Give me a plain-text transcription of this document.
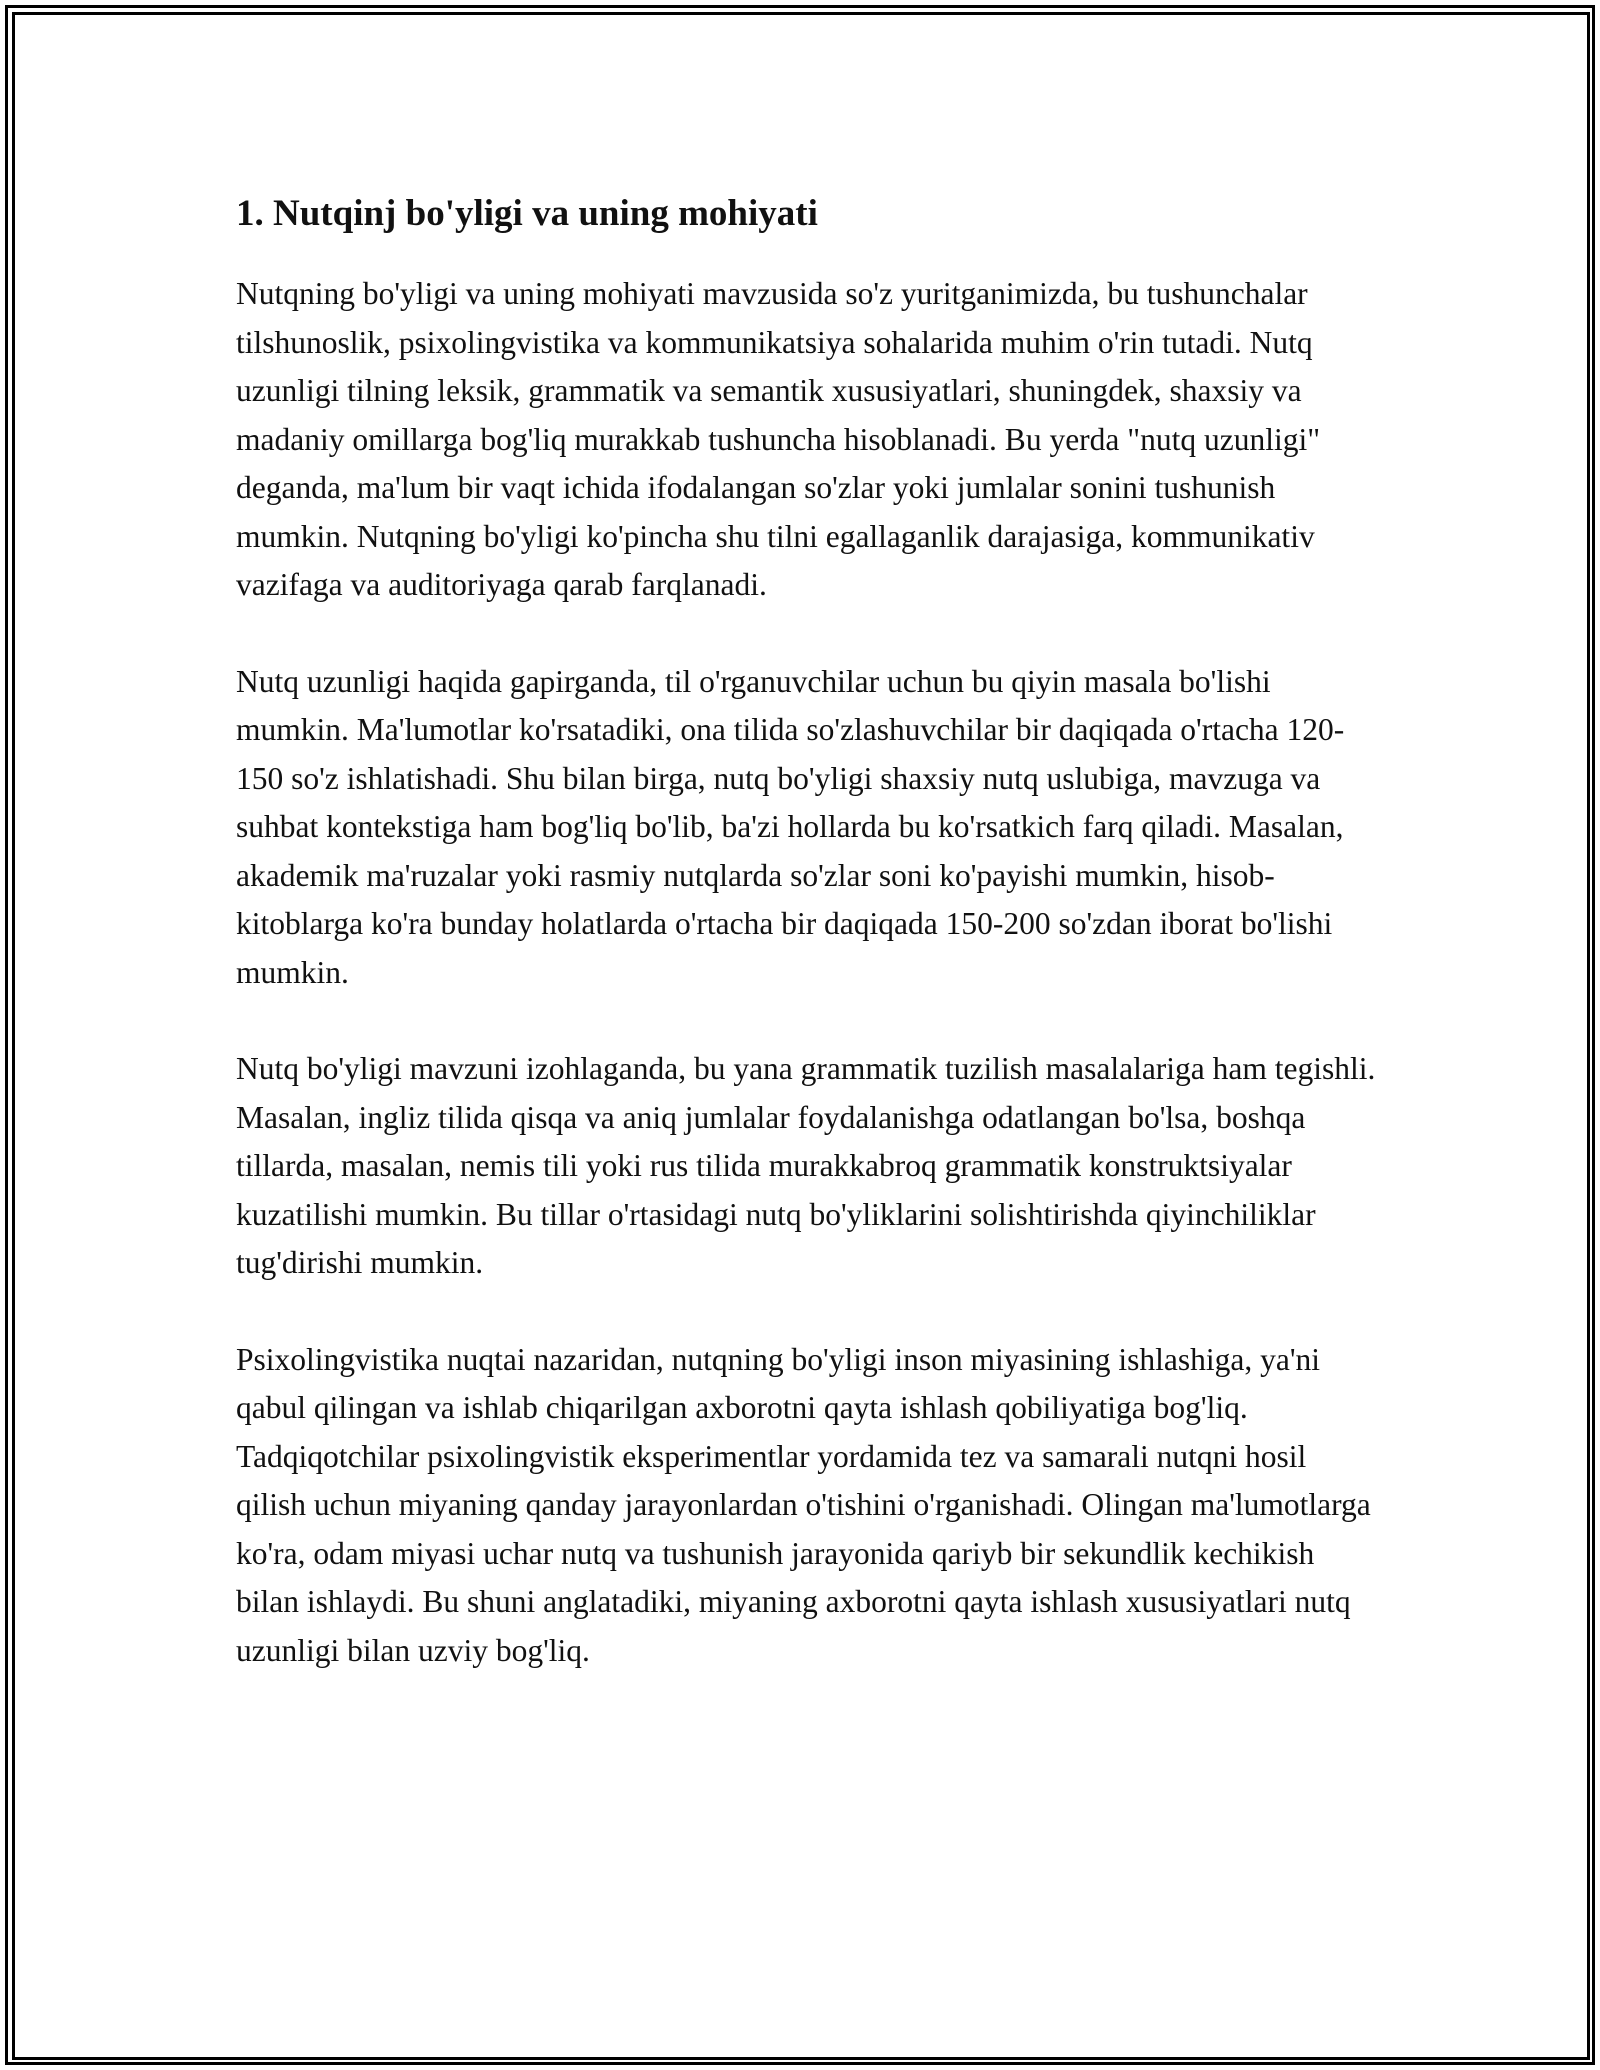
1. Nutqinj bo'yligi va uning mohiyati

Nutqning bo'yligi va uning mohiyati mavzusida so'z yuritganimizda, bu tushunchalar tilshunoslik, psixolingvistika va kommunikatsiya sohalarida muhim o'rin tutadi. Nutq uzunligi tilning leksik, grammatik va semantik xususiyatlari, shuningdek, shaxsiy va madaniy omillarga bog'liq murakkab tushuncha hisoblanadi. Bu yerda "nutq uzunligi" deganda, ma'lum bir vaqt ichida ifodalangan so'zlar yoki jumlalar sonini tushunish mumkin. Nutqning bo'yligi ko'pincha shu tilni egallaganlik darajasiga, kommunikativ vazifaga va auditoriyaga qarab farqlanadi.

Nutq uzunligi haqida gapirganda, til o'rganuvchilar uchun bu qiyin masala bo'lishi mumkin. Ma'lumotlar ko'rsatadiki, ona tilida so'zlashuvchilar bir daqiqada o'rtacha 120-150 so'z ishlatishadi. Shu bilan birga, nutq bo'yligi shaxsiy nutq uslubiga, mavzuga va suhbat kontekstiga ham bog'liq bo'lib, ba'zi hollarda bu ko'rsatkich farq qiladi. Masalan, akademik ma'ruzalar yoki rasmiy nutqlarda so'zlar soni ko'payishi mumkin, hisob-kitoblarga ko'ra bunday holatlarda o'rtacha bir daqiqada 150-200 so'zdan iborat bo'lishi mumkin.

Nutq bo'yligi mavzuni izohlaganda, bu yana grammatik tuzilish masalalariga ham tegishli. Masalan, ingliz tilida qisqa va aniq jumlalar foydalanishga odatlangan bo'lsa, boshqa tillarda, masalan, nemis tili yoki rus tilida murakkabroq grammatik konstruktsiyalar kuzatilishi mumkin. Bu tillar o'rtasidagi nutq bo'yliklarini solishtirishda qiyinchiliklar tug'dirishi mumkin.

Psixolingvistika nuqtai nazaridan, nutqning bo'yligi inson miyasining ishlashiga, ya'ni qabul qilingan va ishlab chiqarilgan axborotni qayta ishlash qobiliyatiga bog'liq. Tadqiqotchilar psixolingvistik eksperimentlar yordamida tez va samarali nutqni hosil qilish uchun miyaning qanday jarayonlardan o'tishini o'rganishadi. Olingan ma'lumotlarga ko'ra, odam miyasi uchar nutq va tushunish jarayonida qariyb bir sekundlik kechikish bilan ishlaydi. Bu shuni anglatadiki, miyaning axborotni qayta ishlash xususiyatlari nutq uzunligi bilan uzviy bog'liq.
